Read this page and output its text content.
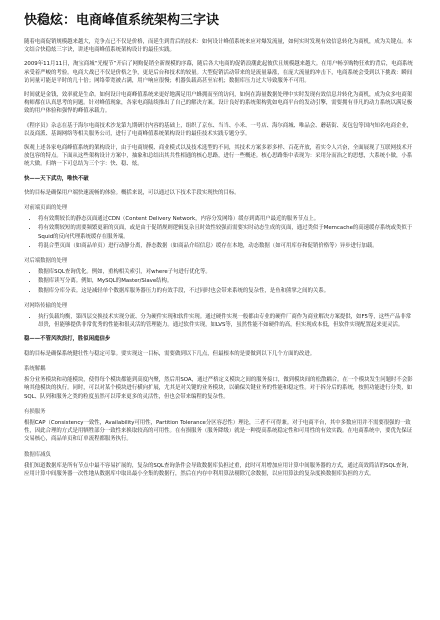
快稳炫：电商峰值系统架构三字诀

随着电商促销规模越来越大，竞争点已不仅是价格，而延生到背后的技术：如何设计峰值系统来应对爆发流量，如何实时发现有效信息转化为商机，成为关键点。本文结合快稳炫三字诀，讲述电商峰值系统架构设计的最佳实践。

2009年11月11日，淘宝商城“光棍节”开启了网购促销全新规模的序幕，随后各大电商的促销浪潮此起彼伏且规模越来越大。在用户畅享购物狂欢的背后，电商系统承受着严峻的考验。电商大战已不仅是价格之争，更是后台和技术的较量。大型促销活动带来的是流量暴涨，在庞大流量的冲击下，电商系统会受到以下挑战：瞬间访问量可能是平时的几十倍；网络带宽被占满，用户响应很慢；机器负载高甚至宕机；数据库压力过大导致服务不可用。

时间就是金钱，效率就是生命。如何设计电商峰值系统来更好地满足用户蜂拥而至的访问，如何在海量数据处理中实时发现有效信息并转化为商机，成为众多电商架构师都在认真思考的问题。针对峰值现象，各家电商陆续推出了自己的解决方案。设计良好的系统架构犹如电商平台的发动引擎，需要拥有非凡的动力系统以满足极致的用户体验和强悍的峰值承载力。

《程序员》杂志在基于海尔电商技术沙龙第九期研讨内容的基础上，组织了京东、当当、小米、一号店、海尔商城、唯品会、蘑菇街、麦包包等国内知名电商企业，以及商派、基调网络等相关服务公司，进行了电商峰值系统架构设计的最佳技术实践专题分享。

纵观上述各家电商峰值系统的架构设计，由于电商规模、商业模式以及技术选型的不同，其技术方案多彩多样、百花齐放，着实令人兴奋，全面展现了互联网技术开放包容的特点。下面从这些架构设计方案中，抽象和总结出其共性相通的核心思路，进行一些概述。核心思路集中表现为：采用分而治之的思想，大系统小做，小系统大做。归纳一下可总结为三个字：快、稳、炫。

快——天下武功，唯快不破

快的目标是确保用户端快速流畅的体验。概括来说，可以通过以下技术手段实现快的目标。

对前端页面的处理

• 将有效期较长的静态页面通过CDN（Content Delivery Network，内容分发网络）缓存到离用户最近的服务节点上。
• 将有效期较短的需要频繁更新的页面，或是由于促销规则逻辑复杂且时效性较强而需要实时动态生成的页面，通过类似于Memcache的高速缓存系统或类似于Squid的反向代理系统缓存在服务端。
• 将混合型页面（如商品单页）进行动静分离，静态数据（如商品介绍信息）缓存在本地，动态数据（如可用库存和促销价格等）异步进行加载。

对后端数据的处理

• 数据库SQL查询优化。例如，重构相关索引，对where子句进行优化等。
• 数据库读写分离。例如，MySQL的Master/Slave结构。
• 数据库分库分表。这是减轻单个数据库服务器压力的有效手段，不过同时也会带来系统的复杂性，是鱼和熊掌之间的关系。

对网络传输的处理

• 执行负载均衡，第四层交换技术实现分流、分为硬件实现和软件实现。通过硬件实现一般都由专业的硬件厂商作为商业解决方案提供，如F5等，这些产品非常昂贵，但能够提供非常优秀的性能和很灵活的管理能力。通过软件实现，如LVS等，虽然性能不如硬件的高，但实现成本低，但软件实现配置起来更灵活。

稳——不管风吹浪打，胜似闲庭信步

稳的目标是确保系统健壮性与稳定可靠。要实现这一目标，需要做到以下几点，但最根本的是要做到以下几个方面的改进。

系统解耦

拆分业务模块和功能模块，使得每个模块都能到高度内聚，然后用SOA，通过严格定义模块之间的服务接口，做到模块间的松散耦合。在一个模块发生问题时不会影响其他模块的执行。同时，可以对某个模块进行横向扩展，尤其是对关键的业务模块，以确保关键业务的性能和稳定性。对于拆分后的系统，按照功能进行分类，如SQL、队列和服务之类的粒度虽然可以带来更多的灵活性，但也会带来编程的复杂性。

有损服务

根据CAP（Consistency一致性，Availability可用性，Partition Tolerance分区容忍性）理论，三者不可得兼。对于电商平台，其中多数应用并不需要很强的一致性，因此合理的方式是用牺牲部分一致性来换取较高的可用性。在有损服务（服务降级）就是一种提高系统稳定性和可用性的有效实践。在电商系统中，要优先保证交易核心，商品单页和订单流程都服务执行。

数据库减负

我们知道数据库是所有节点中最不容易扩展的，复杂的SQL查询条件会导致数据库负担过重，此时可用增加应用计算中间服务器的方式，通过高效简洁的SQL查询，应用计算中间服务器一次性地从数据库中取出最小全集的数据行，然后在内存中利用算法剔除冗余数据，以应用算法的复杂度换数据库负担的方式。
